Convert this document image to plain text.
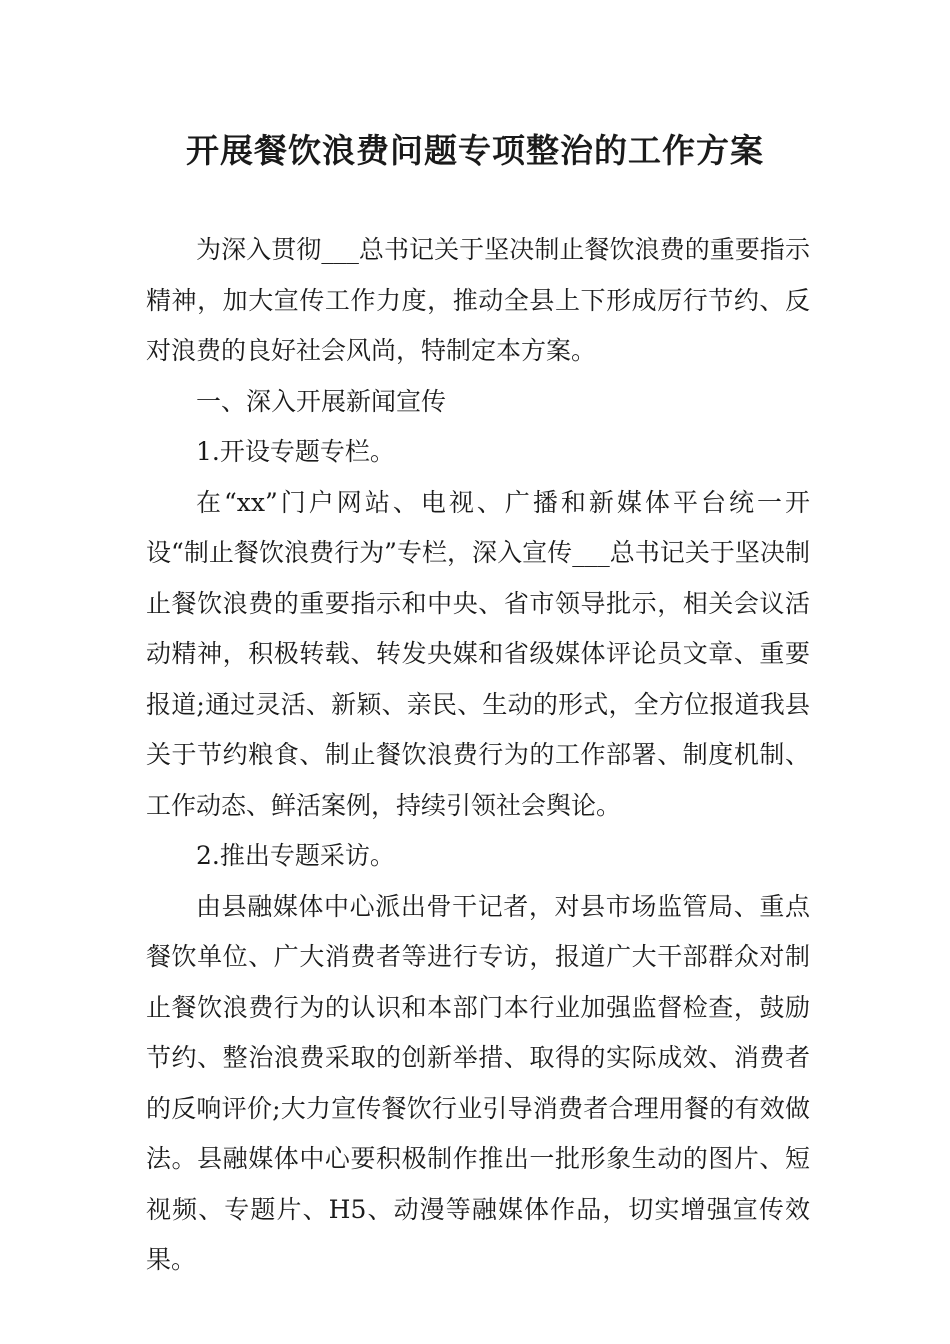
开展餐饮浪费问题专项整治的工作方案

为深入贯彻___总书记关于坚决制止餐饮浪费的重要指示精神，加大宣传工作力度，推动全县上下形成厉行节约、反对浪费的良好社会风尚，特制定本方案。

一、深入开展新闻宣传

1.开设专题专栏。

在“xx”门户网站、电视、广播和新媒体平台统一开设“制止餐饮浪费行为”专栏，深入宣传___总书记关于坚决制止餐饮浪费的重要指示和中央、省市领导批示，相关会议活动精神，积极转载、转发央媒和省级媒体评论员文章、重要报道;通过灵活、新颖、亲民、生动的形式，全方位报道我县关于节约粮食、制止餐饮浪费行为的工作部署、制度机制、工作动态、鲜活案例，持续引领社会舆论。

2.推出专题采访。

由县融媒体中心派出骨干记者，对县市场监管局、重点餐饮单位、广大消费者等进行专访，报道广大干部群众对制止餐饮浪费行为的认识和本部门本行业加强监督检查，鼓励节约、整治浪费采取的创新举措、取得的实际成效、消费者的反响评价;大力宣传餐饮行业引导消费者合理用餐的有效做法。县融媒体中心要积极制作推出一批形象生动的图片、短视频、专题片、H5、动漫等融媒体作品，切实增强宣传效果。
